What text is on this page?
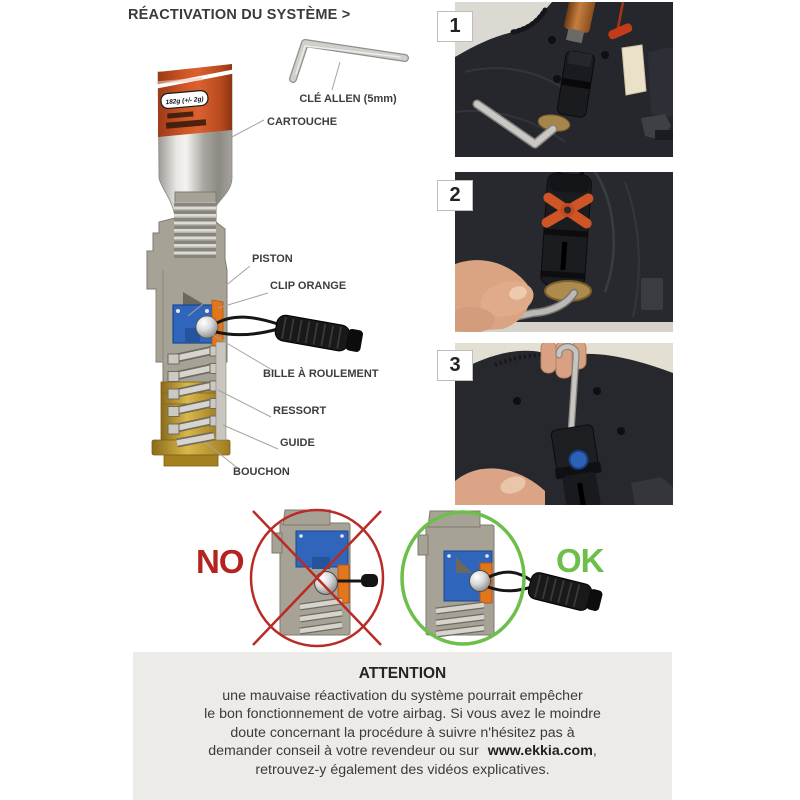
RÉACTIVATION DU SYSTÈME >
CLÉ ALLEN (5mm)
182g (+/- 2g)
CARTOUCHE
PISTON
CLIP ORANGE
BILLE À ROULEMENT
RESSORT
GUIDE
BOUCHON
1
2
3
NO	OK
ATTENTION
une mauvaise réactivation du système pourrait empêcher
le bon fonctionnement de votre airbag. Si vous avez le moindre
doute concernant la procédure à suivre n'hésitez pas à
demander conseil à votre revendeur ou sur www.ekkia.com,
retrouvez-y également des vidéos explicatives.
